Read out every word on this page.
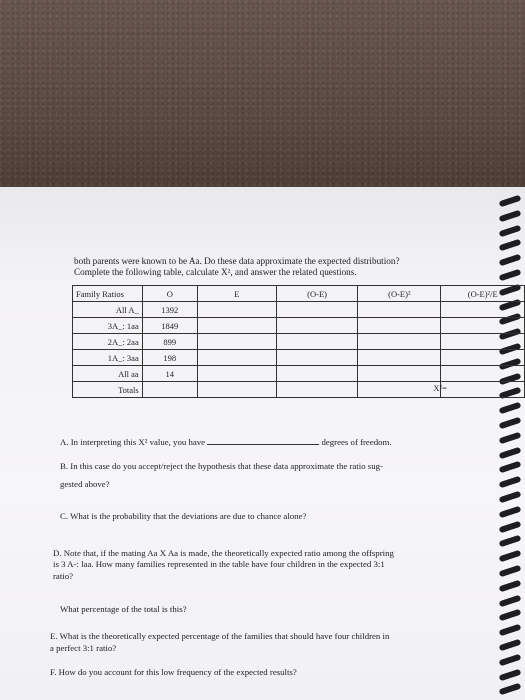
both parents were known to be Aa. Do these data approximate the expected distribution?
Complete the following table, calculate X², and answer the related questions.
Family Ratios	O	E	(O-E)	(O-E)²	(O-E)²/E
All A_	1392				
3A_: 1aa	1849				
2A_: 2aa	899				
1A_: 3aa	198				
All aa	14				
Totals					X²=
A. In interpreting this X² value, you have	degrees of freedom.
B. In this case do you accept/reject the hypothesis that these data approximate the ratio sug-
gested above?
C. What is the probability that the deviations are due to chance alone?
D. Note that, if the mating Aa X Aa is made, the theoretically expected ratio among the offspring
is 3 A-: laa. How many families represented in the table have four children in the expected 3:1
ratio?
What percentage of the total is this?
E. What is the theoretically expected percentage of the families that should have four children in
a perfect 3:1 ratio?
F. How do you account for this low frequency of the expected results?
